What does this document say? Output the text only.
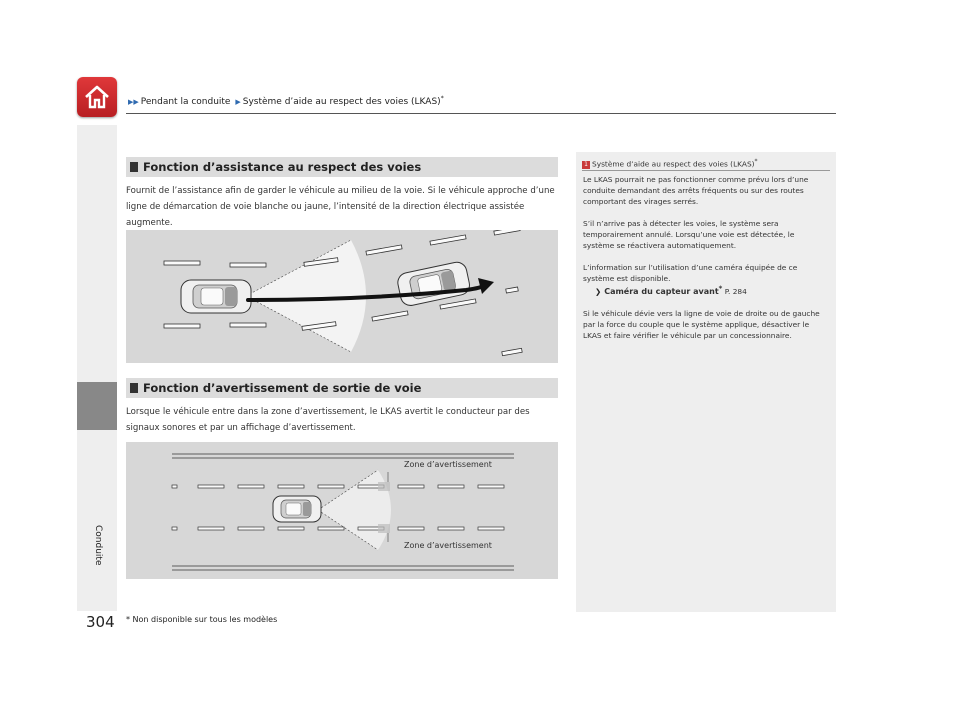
▶▶ Pendant la conduite ▶ Système d’aide au respect des voies (LKAS)*
Conduite
Fonction d’assistance au respect des voies
Fournit de l’assistance afin de garder le véhicule au milieu de la voie. Si le véhicule approche d’une ligne de démarcation de voie blanche ou jaune, l’intensité de la direction électrique assistée augmente.
Fonction d’avertissement de sortie de voie
Lorsque le véhicule entre dans la zone d’avertissement, le LKAS avertit le conducteur par des signaux sonores et par un affichage d’avertissement.
Zone d’avertissement
Zone d’avertissement
1 Système d’aide au respect des voies (LKAS)*

Le LKAS pourrait ne pas fonctionner comme prévu lors d’une conduite demandant des arrêts fréquents ou sur des routes comportant des virages serrés.

S’il n’arrive pas à détecter les voies, le système sera temporairement annulé. Lorsqu’une voie est détectée, le système se réactivera automatiquement.

L’information sur l’utilisation d’une caméra équipée de ce système est disponible.
❯ Caméra du capteur avant* P. 284

Si le véhicule dévie vers la ligne de voie de droite ou de gauche par la force du couple que le système applique, désactiver le LKAS et faire vérifier le véhicule par un concessionnaire.

304 * Non disponible sur tous les modèles
